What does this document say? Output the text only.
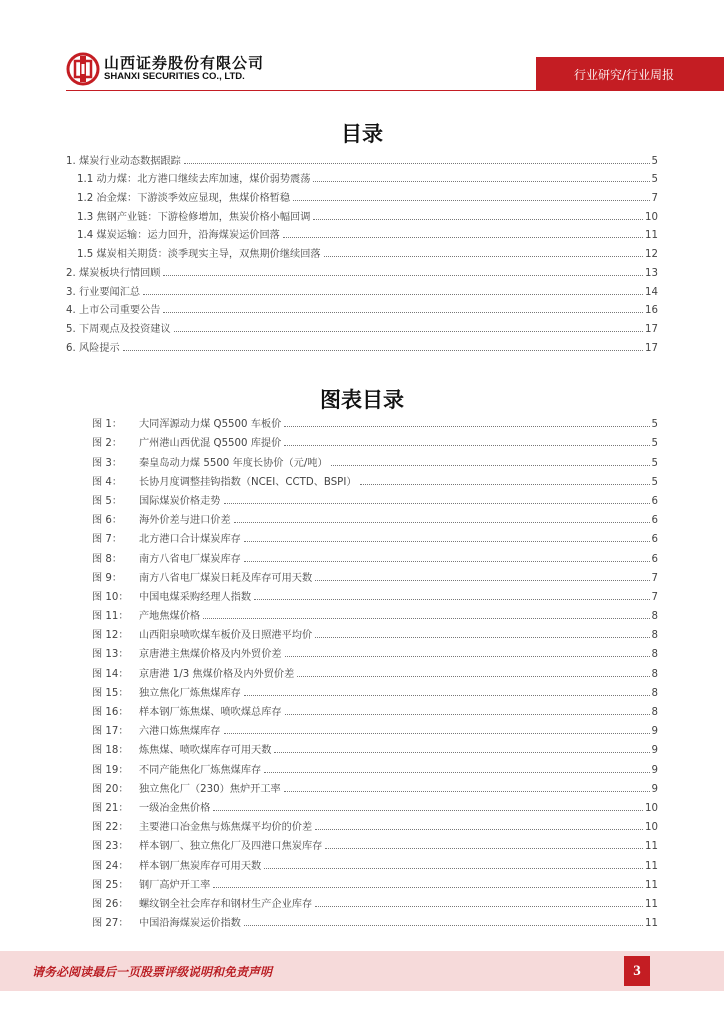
山西证券股份有限公司
SHANXI SECURITIES CO., LTD.	行业研究/行业周报
目录
1. 煤炭行业动态数据跟踪	5
1.1 动力煤：北方港口继续去库加速，煤价弱势震荡	5
1.2 冶金煤：下游淡季效应显现，焦煤价格暂稳	7
1.3 焦钢产业链：下游检修增加，焦炭价格小幅回调	10
1.4 煤炭运输：运力回升，沿海煤炭运价回落	11
1.5 煤炭相关期货：淡季现实主导，双焦期价继续回落	12
2. 煤炭板块行情回顾	13
3. 行业要闻汇总	14
4. 上市公司重要公告	16
5. 下周观点及投资建议	17
6. 风险提示	17
图表目录
图 1：	大同浑源动力煤 Q5500 车板价	5
图 2：	广州港山西优混 Q5500 库提价	5
图 3：	秦皇岛动力煤 5500 年度长协价（元/吨）	5
图 4：	长协月度调整挂钩指数（NCEI、CCTD、BSPI）	5
图 5：	国际煤炭价格走势	6
图 6：	海外价差与进口价差	6
图 7：	北方港口合计煤炭库存	6
图 8：	南方八省电厂煤炭库存	6
图 9：	南方八省电厂煤炭日耗及库存可用天数	7
图 10：	中国电煤采购经理人指数	7
图 11：	产地焦煤价格	8
图 12：	山西阳泉喷吹煤车板价及日照港平均价	8
图 13：	京唐港主焦煤价格及内外贸价差	8
图 14：	京唐港 1/3 焦煤价格及内外贸价差	8
图 15：	独立焦化厂炼焦煤库存	8
图 16：	样本钢厂炼焦煤、喷吹煤总库存	8
图 17：	六港口炼焦煤库存	9
图 18：	炼焦煤、喷吹煤库存可用天数	9
图 19：	不同产能焦化厂炼焦煤库存	9
图 20：	独立焦化厂（230）焦炉开工率	9
图 21：	一级冶金焦价格	10
图 22：	主要港口冶金焦与炼焦煤平均价的价差	10
图 23：	样本钢厂、独立焦化厂及四港口焦炭库存	11
图 24：	样本钢厂焦炭库存可用天数	11
图 25：	钢厂高炉开工率	11
图 26：	螺纹钢全社会库存和钢材生产企业库存	11
图 27：	中国沿海煤炭运价指数	11
请务必阅读最后一页股票评级说明和免责声明	3
